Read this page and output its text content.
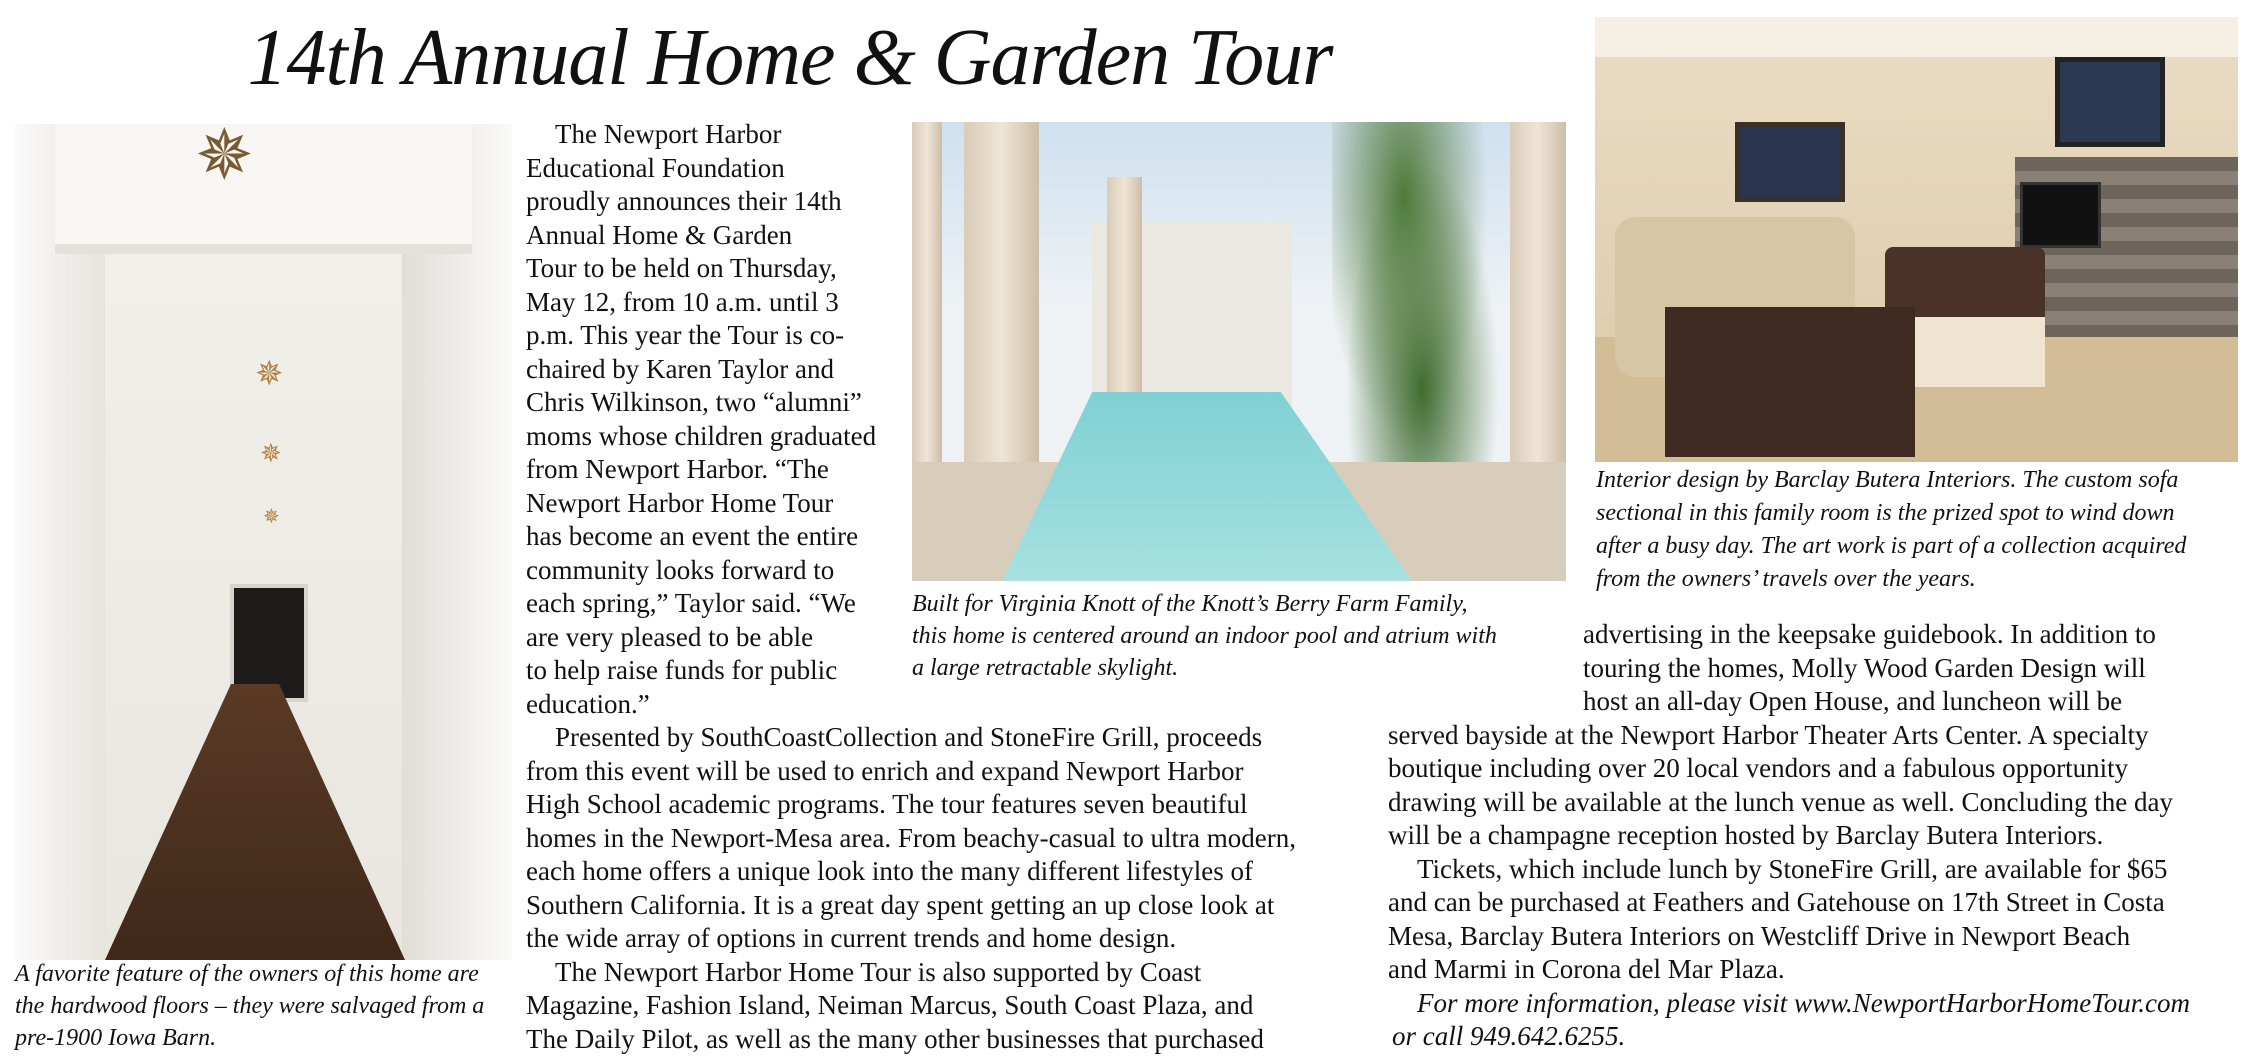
14th Annual Home & Garden Tour
✵
✵
✵
✵
A favorite feature of the owners of this home are
the hardwood floors – they were salvaged from a
pre-1900 Iowa Barn.
Built for Virginia Knott of the Knott’s Berry Farm Family,
this home is centered around an indoor pool and atrium with
a large retractable skylight.
Interior design by Barclay Butera Interiors. The custom sofa
sectional in this family room is the prized spot to wind down
after a busy day. The art work is part of a collection acquired
from the owners’ travels over the years.
The Newport Harbor
Educational Foundation
proudly announces their 14th
Annual Home & Garden
Tour to be held on Thursday,
May 12, from 10 a.m. until 3
p.m. This year the Tour is co-
chaired by Karen Taylor and
Chris Wilkinson, two “alumni”
moms whose children graduated
from Newport Harbor. “The
Newport Harbor Home Tour
has become an event the entire
community looks forward to
each spring,” Taylor said. “We
are very pleased to be able
to help raise funds for public
education.”
Presented by SouthCoastCollection and StoneFire Grill, proceeds
from this event will be used to enrich and expand Newport Harbor
High School academic programs. The tour features seven beautiful
homes in the Newport-Mesa area. From beachy-casual to ultra modern,
each home offers a unique look into the many different lifestyles of
Southern California. It is a great day spent getting an up close look at
the wide array of options in current trends and home design.
The Newport Harbor Home Tour is also supported by Coast
Magazine, Fashion Island, Neiman Marcus, South Coast Plaza, and
The Daily Pilot, as well as the many other businesses that purchased
advertising in the keepsake guidebook. In addition to
touring the homes, Molly Wood Garden Design will
host an all-day Open House, and luncheon will be
served bayside at the Newport Harbor Theater Arts Center. A specialty
boutique including over 20 local vendors and a fabulous opportunity
drawing will be available at the lunch venue as well. Concluding the day
will be a champagne reception hosted by Barclay Butera Interiors.
Tickets, which include lunch by StoneFire Grill, are available for $65
and can be purchased at Feathers and Gatehouse on 17th Street in Costa
Mesa, Barclay Butera Interiors on Westcliff Drive in Newport Beach
and Marmi in Corona del Mar Plaza.
For more information, please visit www.NewportHarborHomeTour.com
or call 949.642.6255.
